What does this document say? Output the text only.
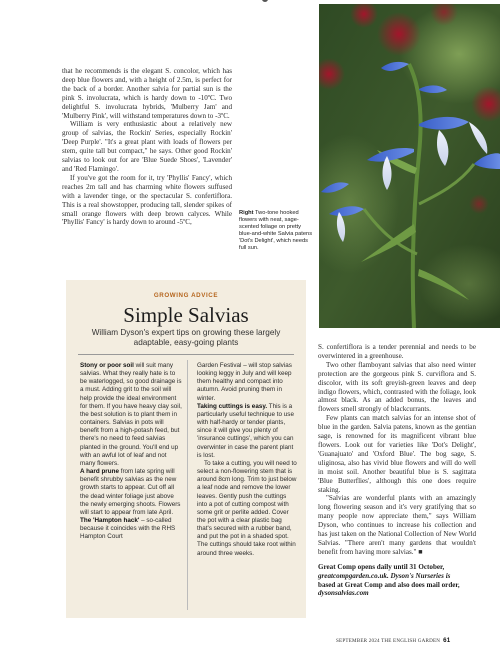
that he recommends is the elegant S. concolor, which has deep blue flowers and, with a height of 2.5m, is perfect for the back of a border. Another salvia for partial sun is the pink S. involucrata, which is hardy down to -10ºC. Two delightful S. involucrata hybrids, 'Mulberry Jam' and 'Mulberry Pink', will withstand temperatures down to -3ºC.

William is very enthusiastic about a relatively new group of salvias, the Rockin' Series, especially Rockin' 'Deep Purple'. "It's a great plant with loads of flowers per stem, quite tall but compact," he says. Other good Rockin' salvias to look out for are 'Blue Suede Shoes', 'Lavender' and 'Red Flamingo'.

If you've got the room for it, try 'Phyllis' Fancy', which reaches 2m tall and has charming white flowers suffused with a lavender tinge, or the spectacular S. confertiflora. This is a real showstopper, producing tall, slender spikes of small orange flowers with deep brown calyces. While 'Phyllis' Fancy' is hardy down to around -5ºC,

Right Two-tone hooked flowers with neat, sage-scented foliage on pretty blue-and-white Salvia patens 'Dot's Delight', which needs full sun.
GROWING ADVICE
Simple Salvias
William Dyson's expert tips on growing these largely adaptable, easy-going plants

Stony or poor soil will suit many salvias. What they really hate is to be waterlogged, so good drainage is a must. Adding grit to the soil will help provide the ideal environment for them. If you have heavy clay soil, the best solution is to plant them in containers. Salvias in pots will benefit from a high-potash feed, but there's no need to feed salvias planted in the ground. You'll end up with an awful lot of leaf and not many flowers.

A hard prune from late spring will benefit shrubby salvias as the new growth starts to appear. Cut off all the dead winter foliage just above the newly emerging shoots. Flowers will start to appear from late April.

The 'Hampton hack' – so-called because it coincides with the RHS Hampton Court

Garden Festival – will stop salvias looking leggy in July and will keep them healthy and compact into autumn. Avoid pruning them in winter.

Taking cuttings is easy. This is a particularly useful technique to use with half-hardy or tender plants, since it will give you plenty of 'insurance cuttings', which you can overwinter in case the parent plant is lost.

To take a cutting, you will need to select a non-flowering stem that is around 8cm long. Trim to just below a leaf node and remove the lower leaves. Gently push the cuttings into a pot of cutting compost with some grit or perlite added. Cover the pot with a clear plastic bag that's secured with a rubber band, and put the pot in a shaded spot. The cuttings should take root within around three weeks.

S. confertiflora is a tender perennial and needs to be overwintered in a greenhouse.

Two other flamboyant salvias that also need winter protection are the gorgeous pink S. curviflora and S. discolor, with its soft greyish-green leaves and deep indigo flowers, which, contrasted with the foliage, look almost black. As an added bonus, the leaves and flowers smell strongly of blackcurrants.

Few plants can match salvias for an intense shot of blue in the garden. Salvia patens, known as the gentian sage, is renowned for its magnificent vibrant blue flowers. Look out for varieties like 'Dot's Delight', 'Guanajuato' and 'Oxford Blue'. The bog sage, S. uliginosa, also has vivid blue flowers and will do well in moist soil. Another beautiful blue is S. sagittata 'Blue Butterflies', although this one does require staking.

"Salvias are wonderful plants with an amazingly long flowering season and it's very gratifying that so many people now appreciate them," says William Dyson, who continues to increase his collection and has just taken on the National Collection of New World Salvias. "There aren't many gardens that wouldn't benefit from having more salvias." ■

Great Comp opens daily until 31 October,
greatcompgarden.co.uk. Dyson's Nurseries is
based at Great Comp and also does mail order,
dysonsalvias.com
SEPTEMBER 2024 THE ENGLISH GARDEN 61
